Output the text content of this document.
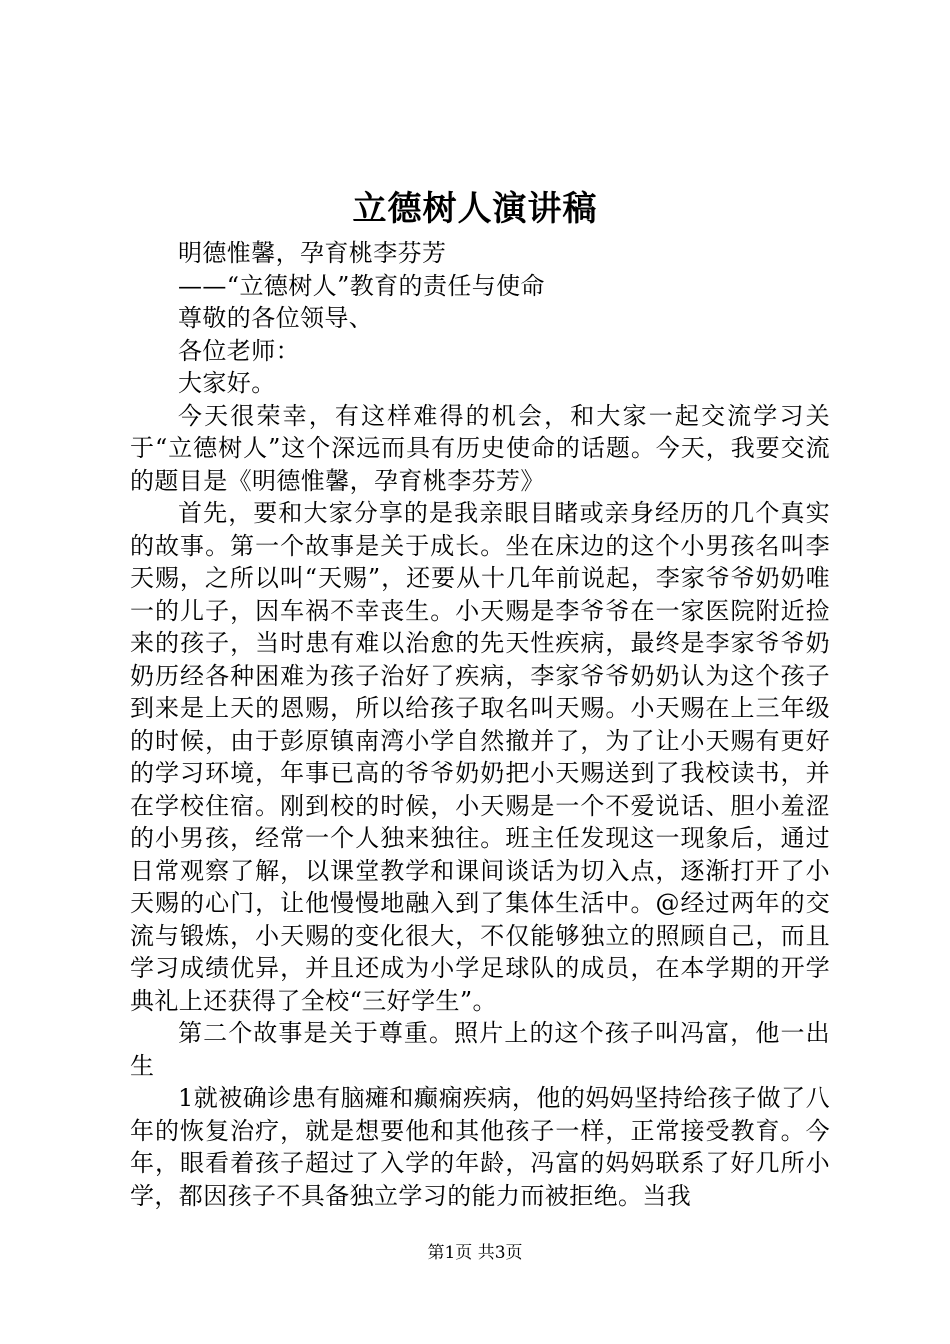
立德树人演讲稿

明德惟馨，孕育桃李芬芳

——“立德树人”教育的责任与使命

尊敬的各位领导、

各位老师：

大家好。

今天很荣幸，有这样难得的机会，和大家一起交流学习关于“立德树人”这个深远而具有历史使命的话题。今天，我要交流的题目是《明德惟馨，孕育桃李芬芳》

首先，要和大家分享的是我亲眼目睹或亲身经历的几个真实的故事。第一个故事是关于成长。坐在床边的这个小男孩名叫李天赐，之所以叫“天赐”，还要从十几年前说起，李家爷爷奶奶唯一的儿子，因车祸不幸丧生。小天赐是李爷爷在一家医院附近捡来的孩子，当时患有难以治愈的先天性疾病，最终是李家爷爷奶奶历经各种困难为孩子治好了疾病，李家爷爷奶奶认为这个孩子到来是上天的恩赐，所以给孩子取名叫天赐。小天赐在上三年级的时候，由于彭原镇南湾小学自然撤并了，为了让小天赐有更好的学习环境，年事已高的爷爷奶奶把小天赐送到了我校读书，并在学校住宿。刚到校的时候，小天赐是一个不爱说话、胆小羞涩的小男孩，经常一个人独来独往。班主任发现这一现象后，通过日常观察了解，以课堂教学和课间谈话为切入点，逐渐打开了小天赐的心门，让他慢慢地融入到了集体生活中。@经过两年的交流与锻炼，小天赐的变化很大，不仅能够独立的照顾自己，而且学习成绩优异，并且还成为小学足球队的成员，在本学期的开学典礼上还获得了全校“三好学生”。

第二个故事是关于尊重。照片上的这个孩子叫冯富，他一出生

1就被确诊患有脑瘫和癫痫疾病，他的妈妈坚持给孩子做了八年的恢复治疗，就是想要他和其他孩子一样，正常接受教育。今年，眼看着孩子超过了入学的年龄，冯富的妈妈联系了好几所小学，都因孩子不具备独立学习的能力而被拒绝。当我

第1页 共3页
